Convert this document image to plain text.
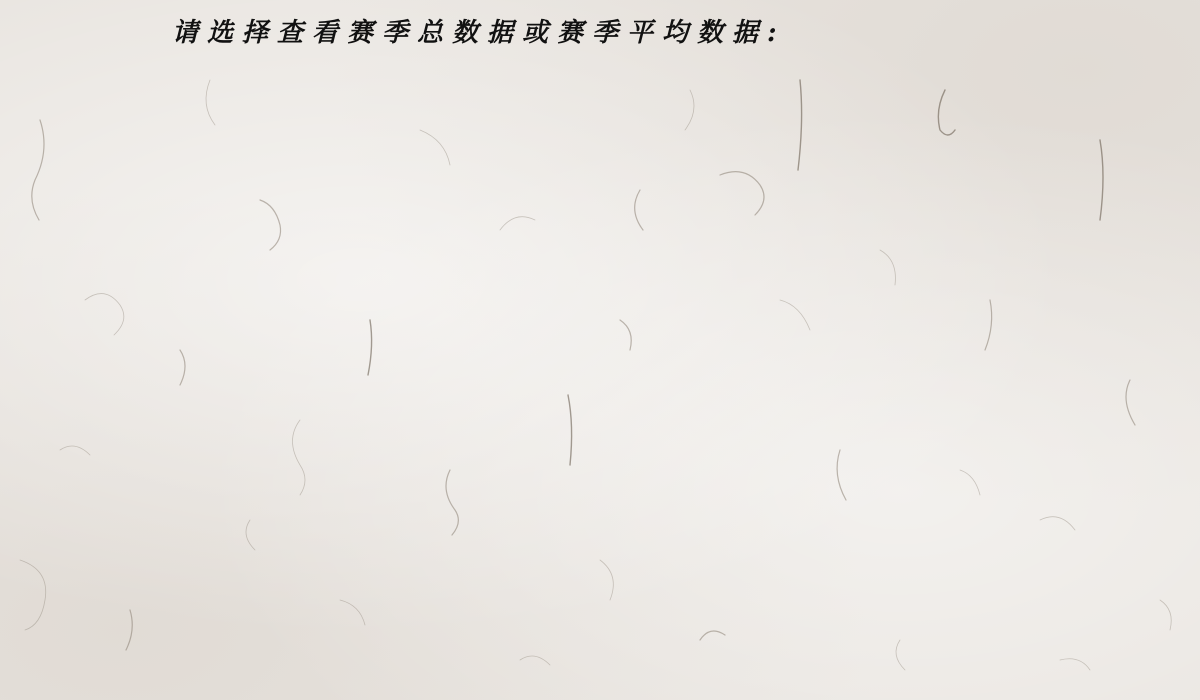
请选择查看赛季总数据或赛季平均数据:
